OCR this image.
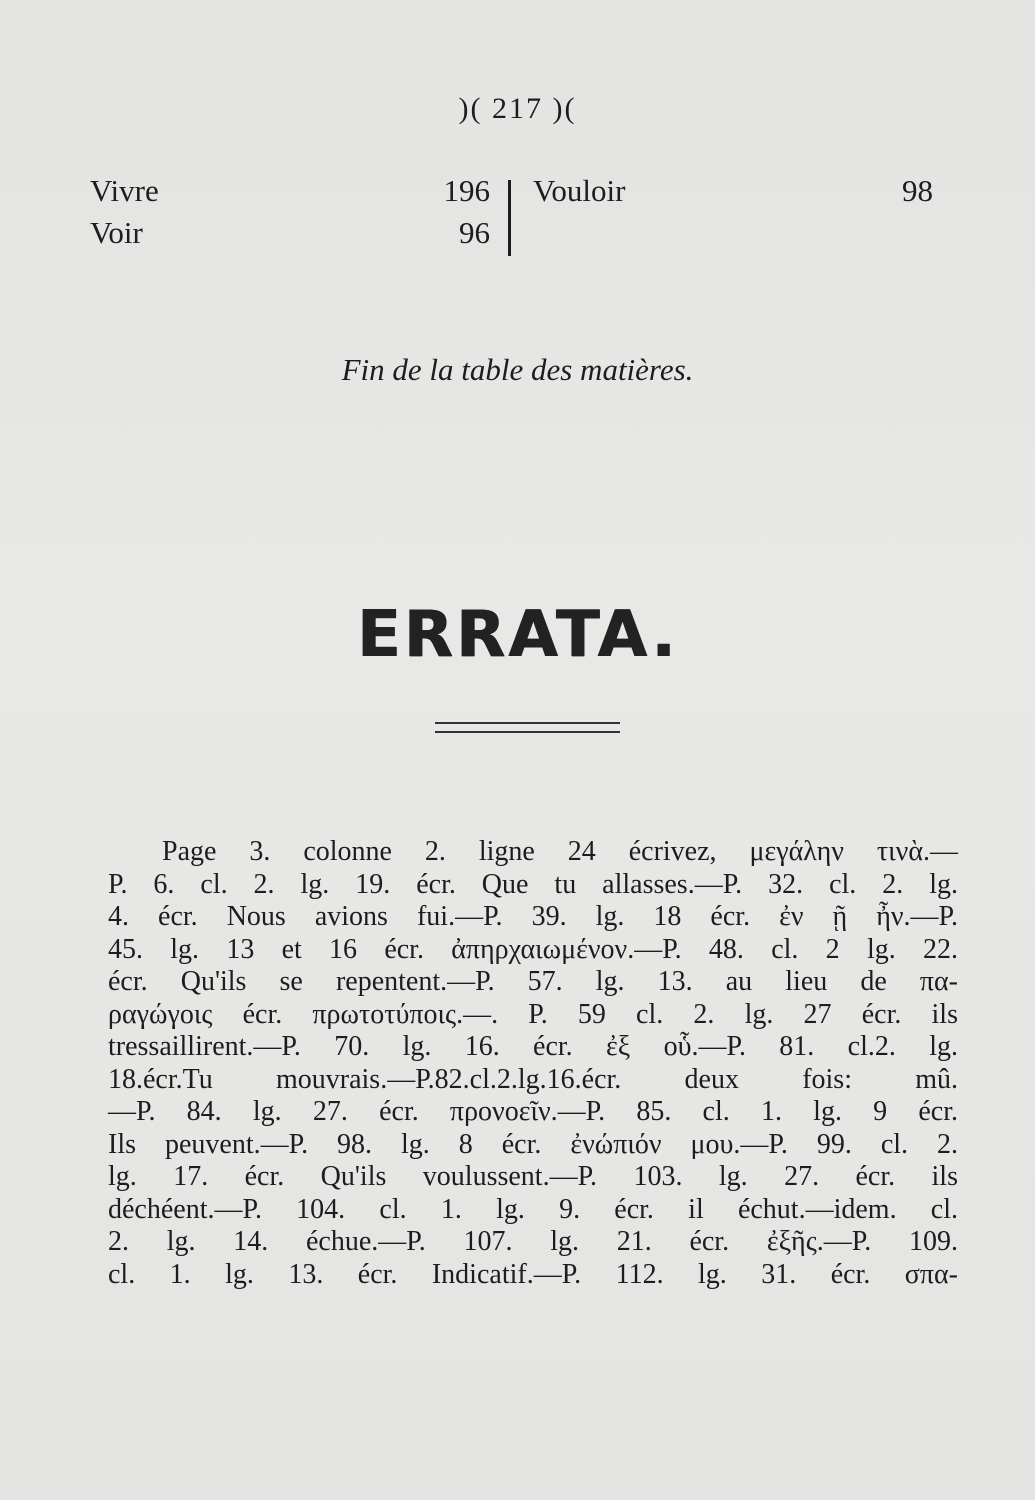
)( 217 )(
Vivre	196
Voir	96
Vouloir	98
Fin de la table des matières.
ERRATA.
Page 3. colonne 2. ligne 24 écrivez, μεγάλην τινὰ.—
P. 6. cl. 2. lg. 19. écr. Que tu allasses.—P. 32. cl. 2. lg.
4. écr. Nous avions fui.—P. 39. lg. 18 écr. ἐν ῇ ἦν.—P.
45. lg. 13 et 16 écr. ἀπηρχαιωμένον.—P. 48. cl. 2 lg. 22.
écr. Qu'ils se repentent.—P. 57. lg. 13. au lieu de πα-
ραγώγοις écr. πρωτοτύποις.—. P. 59 cl. 2. lg. 27 écr. ils
tressaillirent.—P. 70. lg. 16. écr. ἐξ οὗ.—P. 81. cl.2. lg.
18.écr.Tu mouvrais.—P.82.cl.2.lg.16.écr. deux fois: mû.
—P. 84. lg. 27. écr. προνοεῖν.—P. 85. cl. 1. lg. 9 écr.
Ils peuvent.—P. 98. lg. 8 écr. ἐνώπιόν μου.—P. 99. cl. 2.
lg. 17. écr. Qu'ils voulussent.—P. 103. lg. 27. écr. ils
déchéent.—P. 104. cl. 1. lg. 9. écr. il échut.—idem. cl.
2. lg. 14. échue.—P. 107. lg. 21. écr. ἐξῆς.—P. 109.
cl. 1. lg. 13. écr. Indicatif.—P. 112. lg. 31. écr. σπα-
